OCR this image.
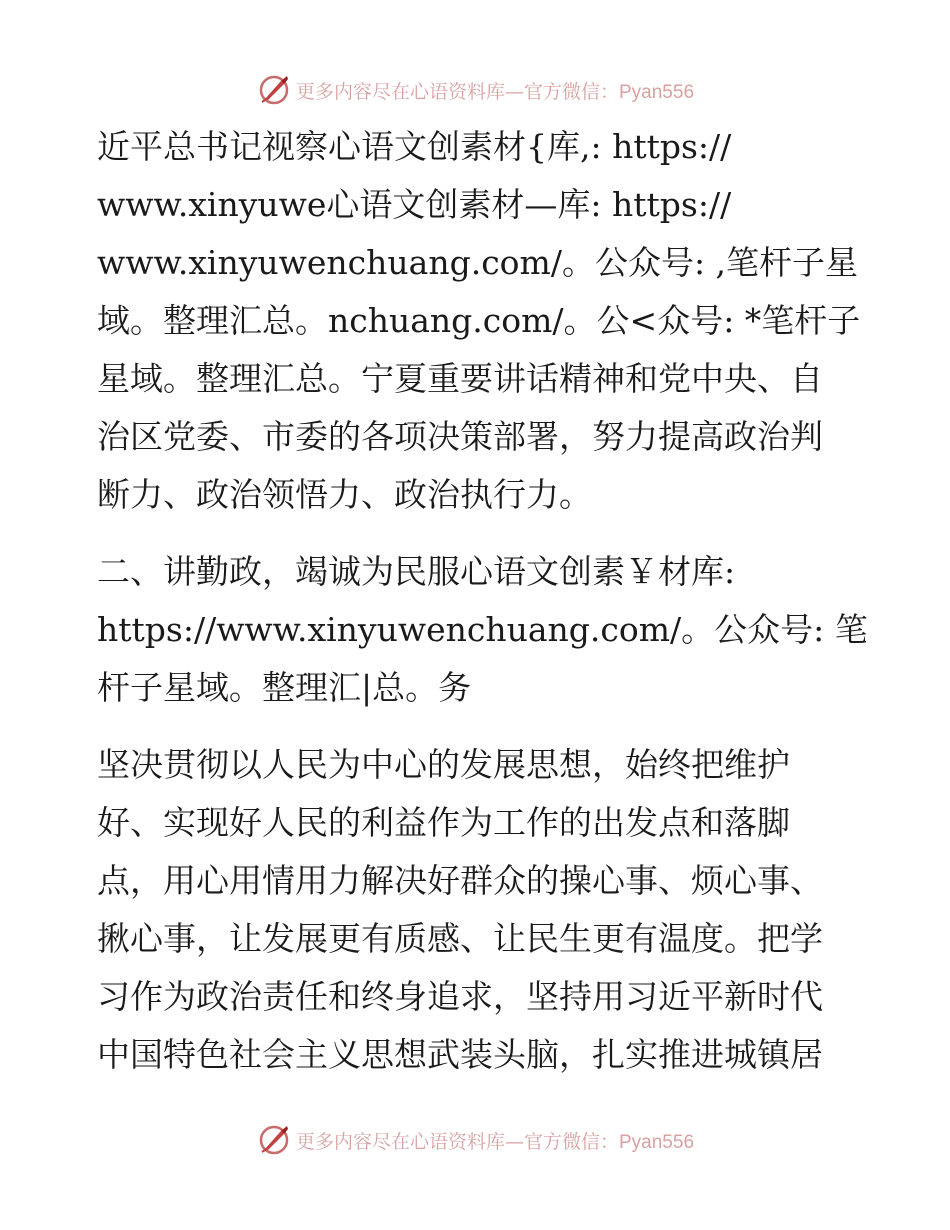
更多内容尽在心语资料库—官方微信：Pyan556
近平总书记视察心语文创素材{库,: https://
www.xinyuwe心语文创素材—库: https://
www.xinyuwenchuang.com/。公众号: ,笔杆子星
域。整理汇总。nchuang.com/。公<众号: *笔杆子
星域。整理汇总。宁夏重要讲话精神和党中央、自
治区党委、市委的各项决策部署，努力提高政治判
断力、政治领悟力、政治执行力。
二、讲勤政，竭诚为民服心语文创素￥材库:
https://www.xinyuwenchuang.com/。公众号: 笔
杆子星域。整理汇|总。务
坚决贯彻以人民为中心的发展思想，始终把维护
好、实现好人民的利益作为工作的出发点和落脚
点，用心用情用力解决好群众的操心事、烦心事、
揪心事，让发展更有质感、让民生更有温度。把学
习作为政治责任和终身追求，坚持用习近平新时代
中国特色社会主义思想武装头脑，扎实推进城镇居
更多内容尽在心语资料库—官方微信：Pyan556
